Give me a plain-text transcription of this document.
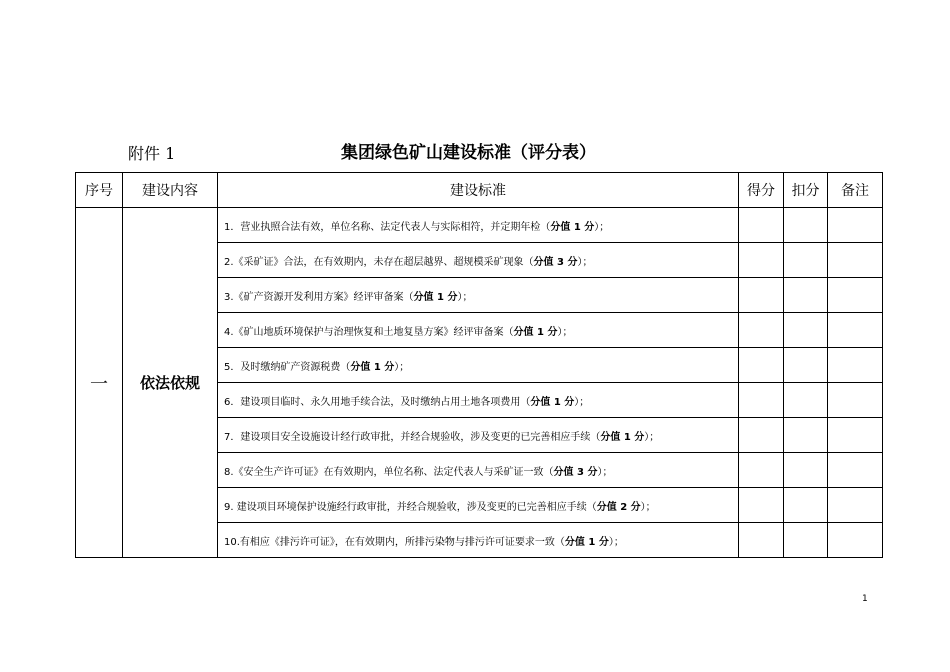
附件 1	集团绿色矿山建设标准（评分表）
序号	建设内容	建设标准	得分	扣分	备注
一	依法依规	1．营业执照合法有效，单位名称、法定代表人与实际相符，并定期年检（分值 1 分）；			
		2.《采矿证》合法，在有效期内，未存在超层越界、超规模采矿现象（分值 3 分）；			
		3.《矿产资源开发利用方案》经评审备案（分值 1 分）；			
		4.《矿山地质环境保护与治理恢复和土地复垦方案》经评审备案（分值 1 分）；			
		5．及时缴纳矿产资源税费（分值 1 分）；			
		6．建设项目临时、永久用地手续合法，及时缴纳占用土地各项费用（分值 1 分）；			
		7．建设项目安全设施设计经行政审批，并经合规验收，涉及变更的已完善相应手续（分值 1 分）；			
		8.《安全生产许可证》在有效期内，单位名称、法定代表人与采矿证一致（分值 3 分）；			
		9. 建设项目环境保护设施经行政审批，并经合规验收，涉及变更的已完善相应手续（分值 2 分）；			
		10.有相应《排污许可证》，在有效期内，所排污染物与排污许可证要求一致（分值 1 分）；			
1
